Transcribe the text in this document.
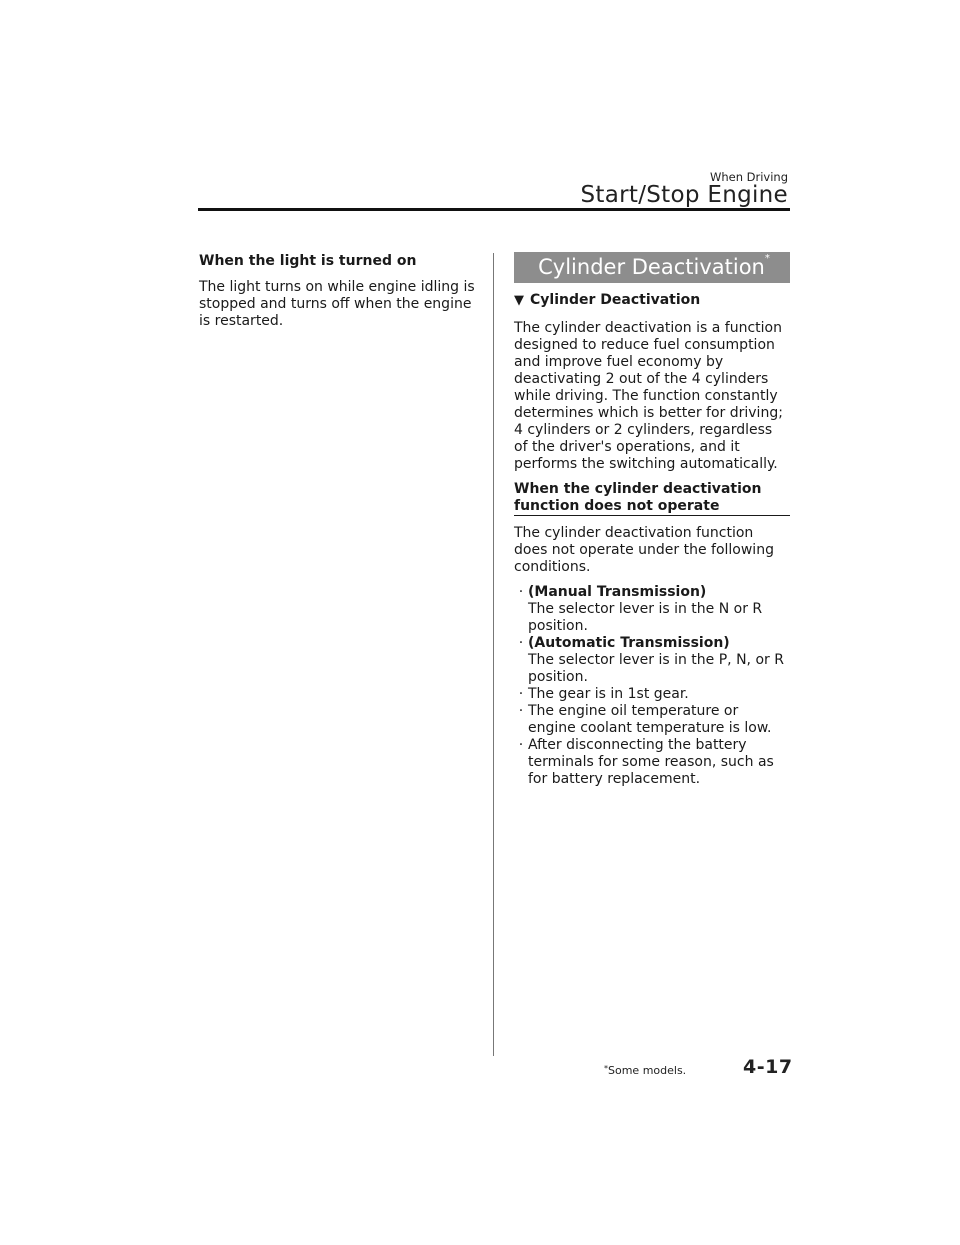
When Driving
Start/Stop Engine
When the light is turned on
The light turns on while engine idling is stopped and turns off when the engine is restarted.
Cylinder Deactivation*
▼ Cylinder Deactivation
The cylinder deactivation is a function designed to reduce fuel consumption and improve fuel economy by deactivating 2 out of the 4 cylinders while driving. The function constantly determines which is better for driving; 4 cylinders or 2 cylinders, regardless of the driver's operations, and it performs the switching automatically.
When the cylinder deactivation function does not operate
The cylinder deactivation function does not operate under the following conditions.
· (Manual Transmission)
The selector lever is in the N or R position.
· (Automatic Transmission)
The selector lever is in the P, N, or R position.
· The gear is in 1st gear.
· The engine oil temperature or engine coolant temperature is low.
· After disconnecting the battery terminals for some reason, such as for battery replacement.
*Some models.	4-17
